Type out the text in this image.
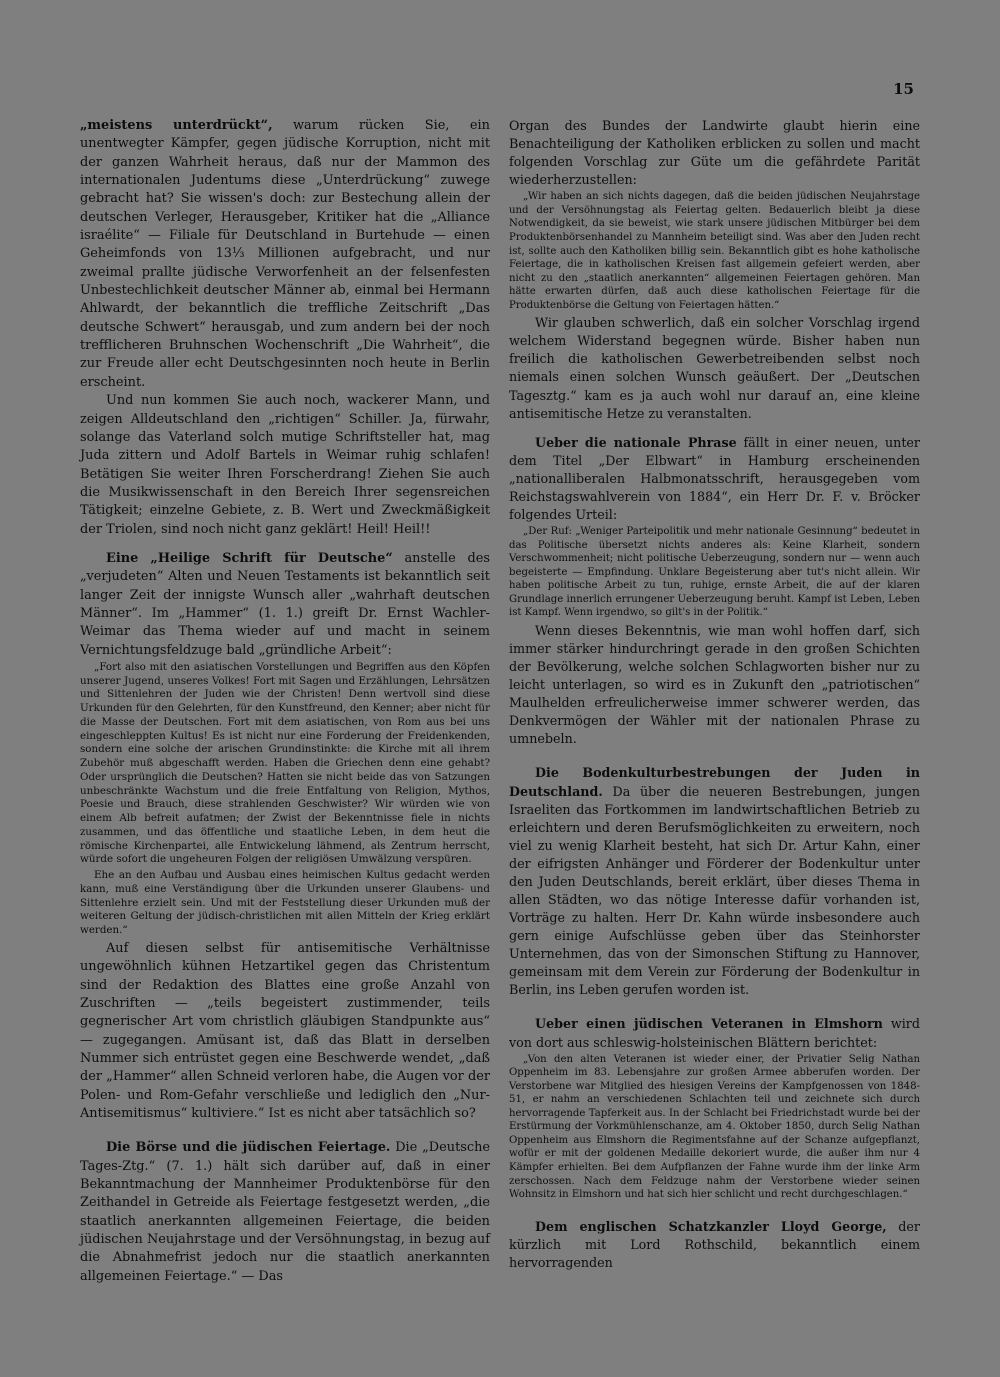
15

„meistens unterdrückt“, warum rücken Sie, ein unentwegter Kämpfer, gegen jüdische Korruption, nicht mit der ganzen Wahrheit heraus, daß nur der Mammon des internationalen Judentums diese „Unterdrückung“ zuwege gebracht hat? Sie wissen's doch: zur Bestechung allein der deutschen Verleger, Herausgeber, Kritiker hat die „Alliance israélite“ — Filiale für Deutschland in Burtehude — einen Geheimfonds von 13⅓ Millionen aufgebracht, und nur zweimal prallte jüdische Verworfenheit an der felsenfesten Unbestechlichkeit deutscher Männer ab, einmal bei Hermann Ahlwardt, der bekanntlich die treffliche Zeitschrift „Das deutsche Schwert“ herausgab, und zum andern bei der noch trefflicheren Bruhnschen Wochenschrift „Die Wahrheit“, die zur Freude aller echt Deutschgesinnten noch heute in Berlin erscheint.

Und nun kommen Sie auch noch, wackerer Mann, und zeigen Alldeutschland den „richtigen“ Schiller. Ja, fürwahr, solange das Vaterland solch mutige Schriftsteller hat, mag Juda zittern und Adolf Bartels in Weimar ruhig schlafen! Betätigen Sie weiter Ihren Forscherdrang! Ziehen Sie auch die Musikwissenschaft in den Bereich Ihrer segensreichen Tätigkeit; einzelne Gebiete, z. B. Wert und Zweckmäßigkeit der Triolen, sind noch nicht ganz geklärt! Heil! Heil!!

Eine „Heilige Schrift für Deutsche“ anstelle des „verjudeten“ Alten und Neuen Testaments ist bekanntlich seit langer Zeit der innigste Wunsch aller „wahrhaft deutschen Männer“. Im „Hammer“ (1. 1.) greift Dr. Ernst Wachler-Weimar das Thema wieder auf und macht in seinem Vernichtungsfeldzuge bald „gründliche Arbeit“:

„Fort also mit den asiatischen Vorstellungen und Begriffen aus den Köpfen unserer Jugend, unseres Volkes! Fort mit Sagen und Erzählungen, Lehrsätzen und Sittenlehren der Juden wie der Christen! Denn wertvoll sind diese Urkunden für den Gelehrten, für den Kunstfreund, den Kenner; aber nicht für die Masse der Deutschen. Fort mit dem asiatischen, von Rom aus bei uns eingeschleppten Kultus! Es ist nicht nur eine Forderung der Freidenkenden, sondern eine solche der arischen Grundinstinkte: die Kirche mit all ihrem Zubehör muß abgeschafft werden. Haben die Griechen denn eine gehabt? Oder ursprünglich die Deutschen? Hatten sie nicht beide das von Satzungen unbeschränkte Wachstum und die freie Entfaltung von Religion, Mythos, Poesie und Brauch, diese strahlenden Geschwister? Wir würden wie von einem Alb befreit aufatmen; der Zwist der Bekenntnisse fiele in nichts zusammen, und das öffentliche und staatliche Leben, in dem heut die römische Kirchenpartei, alle Entwickelung lähmend, als Zentrum herrscht, würde sofort die ungeheuren Folgen der religiösen Umwälzung verspüren.

Ehe an den Aufbau und Ausbau eines heimischen Kultus gedacht werden kann, muß eine Verständigung über die Urkunden unserer Glaubens- und Sittenlehre erzielt sein. Und mit der Feststellung dieser Urkunden muß der weiteren Geltung der jüdisch-christlichen mit allen Mitteln der Krieg erklärt werden.“

Auf diesen selbst für antisemitische Verhältnisse ungewöhnlich kühnen Hetzartikel gegen das Christentum sind der Redaktion des Blattes eine große Anzahl von Zuschriften — „teils begeistert zustimmender, teils gegnerischer Art vom christlich gläubigen Standpunkte aus“ — zugegangen. Amüsant ist, daß das Blatt in derselben Nummer sich entrüstet gegen eine Beschwerde wendet, „daß der „Hammer“ allen Schneid verloren habe, die Augen vor der Polen- und Rom-Gefahr verschließe und lediglich den „Nur-Antisemitismus“ kultiviere.“ Ist es nicht aber tatsächlich so?

Die Börse und die jüdischen Feiertage. Die „Deutsche Tages-Ztg.“ (7. 1.) hält sich darüber auf, daß in einer Bekanntmachung der Mannheimer Produktenbörse für den Zeithandel in Getreide als Feiertage festgesetzt werden, „die staatlich anerkannten allgemeinen Feiertage, die beiden jüdischen Neujahrstage und der Versöhnungstag, in bezug auf die Abnahmefrist jedoch nur die staatlich anerkannten allgemeinen Feiertage.“ — Das

Organ des Bundes der Landwirte glaubt hierin eine Benachteiligung der Katholiken erblicken zu sollen und macht folgenden Vorschlag zur Güte um die gefährdete Parität wiederherzustellen:

„Wir haben an sich nichts dagegen, daß die beiden jüdischen Neujahrstage und der Versöhnungstag als Feiertag gelten. Bedauerlich bleibt ja diese Notwendigkeit, da sie beweist, wie stark unsere jüdischen Mitbürger bei dem Produktenbörsenhandel zu Mannheim beteiligt sind. Was aber den Juden recht ist, sollte auch den Katholiken billig sein. Bekanntlich gibt es hohe katholische Feiertage, die in katholischen Kreisen fast allgemein gefeiert werden, aber nicht zu den „staatlich anerkannten“ allgemeinen Feiertagen gehören. Man hätte erwarten dürfen, daß auch diese katholischen Feiertage für die Produktenbörse die Geltung von Feiertagen hätten.“

Wir glauben schwerlich, daß ein solcher Vorschlag irgend welchem Widerstand begegnen würde. Bisher haben nun freilich die katholischen Gewerbetreibenden selbst noch niemals einen solchen Wunsch geäußert. Der „Deutschen Tagesztg.“ kam es ja auch wohl nur darauf an, eine kleine antisemitische Hetze zu veranstalten.

Ueber die nationale Phrase fällt in einer neuen, unter dem Titel „Der Elbwart“ in Hamburg erscheinenden „nationalliberalen Halbmonatsschrift, herausgegeben vom Reichstagswahlverein von 1884“, ein Herr Dr. F. v. Bröcker folgendes Urteil:

„Der Ruf: „Weniger Parteipolitik und mehr nationale Gesinnung“ bedeutet in das Politische übersetzt nichts anderes als: Keine Klarheit, sondern Verschwommenheit; nicht politische Ueberzeugung, sondern nur — wenn auch begeisterte — Empfindung. Unklare Begeisterung aber tut's nicht allein. Wir haben politische Arbeit zu tun, ruhige, ernste Arbeit, die auf der klaren Grundlage innerlich errungener Ueberzeugung beruht. Kampf ist Leben, Leben ist Kampf. Wenn irgendwo, so gilt's in der Politik.“

Wenn dieses Bekenntnis, wie man wohl hoffen darf, sich immer stärker hindurchringt gerade in den großen Schichten der Bevölkerung, welche solchen Schlagworten bisher nur zu leicht unterlagen, so wird es in Zukunft den „patriotischen“ Maulhelden erfreulicherweise immer schwerer werden, das Denkvermögen der Wähler mit der nationalen Phrase zu umnebeln.

Die Bodenkulturbestrebungen der Juden in Deutschland. Da über die neueren Bestrebungen, jungen Israeliten das Fortkommen im landwirtschaftlichen Betrieb zu erleichtern und deren Berufsmöglichkeiten zu erweitern, noch viel zu wenig Klarheit besteht, hat sich Dr. Artur Kahn, einer der eifrigsten Anhänger und Förderer der Bodenkultur unter den Juden Deutschlands, bereit erklärt, über dieses Thema in allen Städten, wo das nötige Interesse dafür vorhanden ist, Vorträge zu halten. Herr Dr. Kahn würde insbesondere auch gern einige Aufschlüsse geben über das Steinhorster Unternehmen, das von der Simonschen Stiftung zu Hannover, gemeinsam mit dem Verein zur Förderung der Bodenkultur in Berlin, ins Leben gerufen worden ist.

Ueber einen jüdischen Veteranen in Elmshorn wird von dort aus schleswig-holsteinischen Blättern berichtet:

„Von den alten Veteranen ist wieder einer, der Privatier Selig Nathan Oppenheim im 83. Lebensjahre zur großen Armee abberufen worden. Der Verstorbene war Mitglied des hiesigen Vereins der Kampfgenossen von 1848-51, er nahm an verschiedenen Schlachten teil und zeichnete sich durch hervorragende Tapferkeit aus. In der Schlacht bei Friedrichstadt wurde bei der Erstürmung der Vorkmühlenschanze, am 4. Oktober 1850, durch Selig Nathan Oppenheim aus Elmshorn die Regimentsfahne auf der Schanze aufgepflanzt, wofür er mit der goldenen Medaille dekoriert wurde, die außer ihm nur 4 Kämpfer erhielten. Bei dem Aufpflanzen der Fahne wurde ihm der linke Arm zerschossen. Nach dem Feldzuge nahm der Verstorbene wieder seinen Wohnsitz in Elmshorn und hat sich hier schlicht und recht durchgeschlagen.“

Dem englischen Schatzkanzler Lloyd George, der kürzlich mit Lord Rothschild, bekanntlich einem hervorragenden
